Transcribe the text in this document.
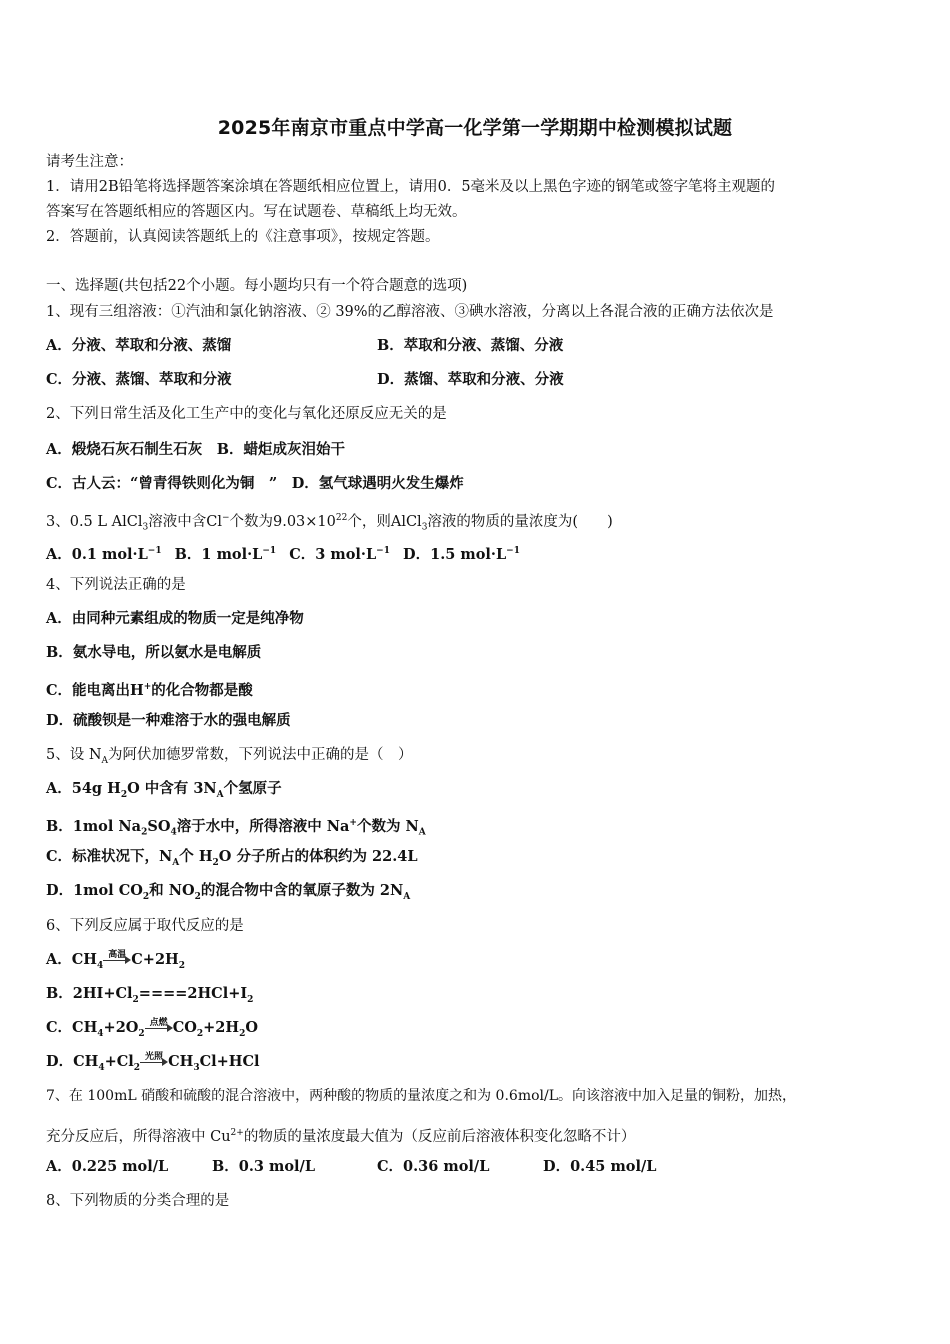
2025年南京市重点中学高一化学第一学期期中检测模拟试题
请考生注意：
1．请用2B铅笔将选择题答案涂填在答题纸相应位置上，请用0．5毫米及以上黑色字迹的钢笔或签字笔将主观题的
答案写在答题纸相应的答题区内。写在试题卷、草稿纸上均无效。
2．答题前，认真阅读答题纸上的《注意事项》，按规定答题。
一、选择题(共包括22个小题。每小题均只有一个符合题意的选项)
1、现有三组溶液：①汽油和氯化钠溶液、② 39%的乙醇溶液、③碘水溶液，分离以上各混合液的正确方法依次是
A．分液、萃取和分液、蒸馏	B．萃取和分液、蒸馏、分液
C．分液、蒸馏、萃取和分液	D．蒸馏、萃取和分液、分液
2、下列日常生活及化工生产中的变化与氧化还原反应无关的是
A．煅烧石灰石制生石灰　B．蜡炬成灰泪始干
C．古人云：“曾青得铁则化为铜　”　D．氢气球遇明火发生爆炸
3、0.5 L AlCl$_3$溶液中含Cl−个数为$9.03\times 10^{22}$个，则AlCl$_3$溶液的物质的量浓度为(　　)
A．0.1 $mol\cdot L^{-1}$ B．1 $mol\cdot L^{-1}$ C．3 $mol\cdot L^{-1}$ D．1.5 $mol\cdot L^{-1}$
4、下列说法正确的是
A．由同种元素组成的物质一定是纯净物
B．氨水导电，所以氨水是电解质
C．能电离出H+的化合物都是酸
D．硫酸钡是一种难溶于水的强电解质
5、设 $N_A$为阿伏加德罗常数，下列说法中正确的是（　）
A．54g $H_2O$ 中含有 $3N_A$个氢原子
B．1mol $Na_2SO_4$溶于水中，所得溶液中 Na+个数为 $N_A$
C．标准状况下，$N_A$个 $H_2O$ 分子所占的体积约为 22.4L
D．1mol $CO_2$和 $NO_2$的混合物中含的氧原子数为 $2N_A$
6、下列反应属于取代反应的是
A．$CH_4$
高温 $C+2H_2$
B．$2HI+Cl_2====2HCl+I_2$
C．$CH_4+2O_2$
点燃 $CO_2+2H_2O$
D．$CH_4+Cl_2$
光照 $CH_3Cl+HCl$
7、在 100mL 硝酸和硫酸的混合溶液中，两种酸的物质的量浓度之和为 0.6mol/L。向该溶液中加入足量的铜粉，加热，
充分反应后，所得溶液中 $Cu^{2+}$的物质的量浓度最大值为（反应前后溶液体积变化忽略不计）
A．0.225 mol/L	B．0.3 mol/L	C．0.36 mol/L	D．0.45 mol/L
8、下列物质的分类合理的是
